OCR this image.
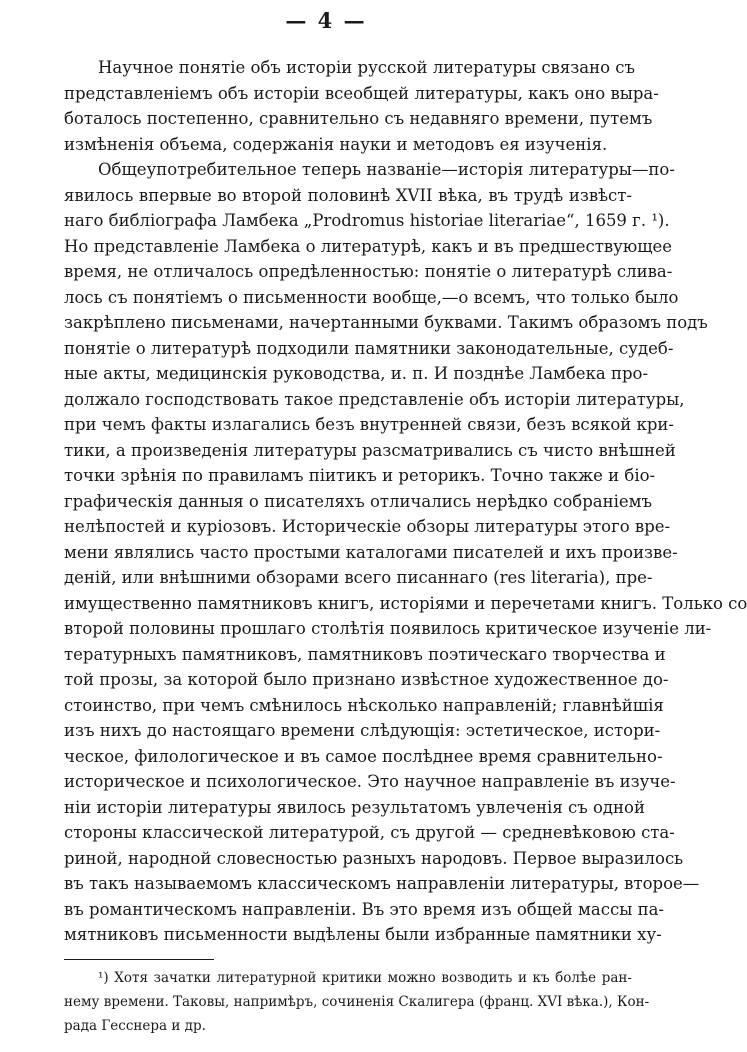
— 4 —
Научное понятіе объ исторіи русской литературы связано съ
представленіемъ объ исторіи всеобщей литературы, какъ оно выра-
боталось постепенно, сравнительно съ недавняго времени, путемъ
измѣненія объема, содержанія науки и методовъ ея изученія.
Общеупотребительное теперь названіе—исторія литературы—по-
явилось впервые во второй половинѣ XVII вѣка, въ трудѣ извѣст-
наго библіографа Ламбека „Prodromus historiae literariae“, 1659 г. ¹).
Но представленіе Ламбека о литературѣ, какъ и въ предшествующее
время, не отличалось опредѣленностью: понятіе о литературѣ слива-
лось съ понятіемъ о письменности вообще,—о всемъ, что только было
закрѣплено письменами, начертанными буквами. Такимъ образомъ подъ
понятіе о литературѣ подходили памятники законодательные, судеб-
ные акты, медицинскія руководства, и. п. И позднѣе Ламбека про-
должало господствовать такое представленіе объ исторіи литературы,
при чемъ факты излагались безъ внутренней связи, безъ всякой кри-
тики, а произведенія литературы разсматривались съ чисто внѣшней
точки зрѣнія по правиламъ піитикъ и реторикъ. Точно также и біо-
графическія данныя о писателяхъ отличались нерѣдко собраніемъ
нелѣпостей и куріозовъ. Историческіе обзоры литературы этого вре-
мени являлись часто простыми каталогами писателей и ихъ произве-
деній, или внѣшними обзорами всего писаннаго (res literaria), пре-
имущественно памятниковъ книгъ, исторіями и перечетами книгъ. Только со
второй половины прошлаго столѣтія появилось критическое изученіе ли-
тературныхъ памятниковъ, памятниковъ поэтическаго творчества и
той прозы, за которой было признано извѣстное художественное до-
стоинство, при чемъ смѣнилось нѣсколько направленій; главнѣйшія
изъ нихъ до настоящаго времени слѣдующія: эстетическое, истори-
ческое, филологическое и въ самое послѣднее время сравнительно-
историческое и психологическое. Это научное направленіе въ изуче-
ніи исторіи литературы явилось результатомъ увлеченія съ одной
стороны классической литературой, съ другой — средневѣковою ста-
риной, народной словесностью разныхъ народовъ. Первое выразилось
въ такъ называемомъ классическомъ направленіи литературы, второе—
въ романтическомъ направленіи. Въ это время изъ общей массы па-
мятниковъ письменности выдѣлены были избранные памятники ху-
¹) Хотя зачатки литературной критики можно возводить и къ болѣе ран-
нему времени. Таковы, напримѣръ, сочиненія Скалигера (франц. XVI вѣка.), Кон-
рада Гесснера и др.
